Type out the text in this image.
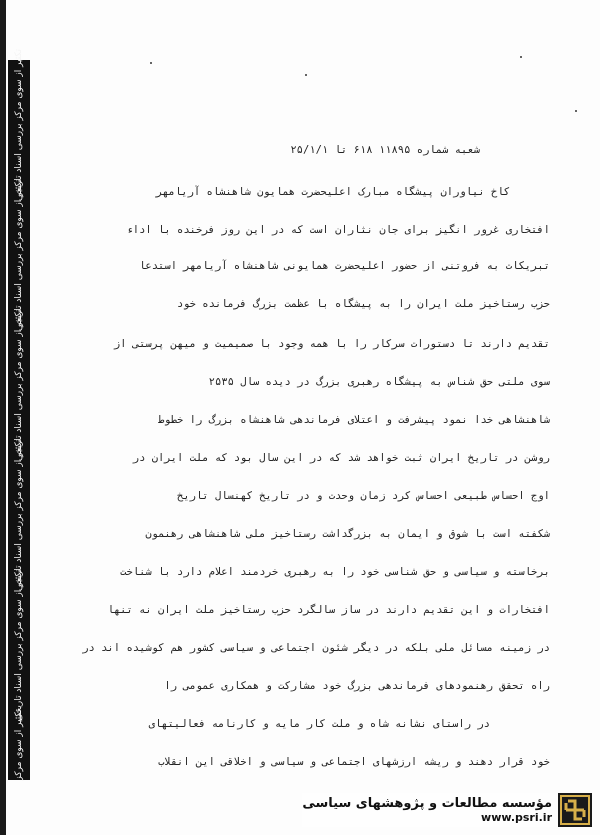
تکثیر از سوی مرکز بررسی اسناد تاریخی
تکثیر از سوی مرکز بررسی اسناد تاریخی
تکثیر از سوی مرکز بررسی اسناد تاریخی
تکثیر از سوی مرکز بررسی اسناد تاریخی
تکثیر از سوی مرکز بررسی اسناد تاریخی
تکثیر از سوی مرکز
شعبه شماره ۱۱۸۹۵ ۶۱۸ تا ۲۵/۱/۱
کاخ نیاوران پیشگاه مبارک اعلیحضرت همایون شاهنشاه آریامهر
افتخاری غرور انگیز برای جان نثاران است که در این روز فرخنده با اداء
تبریکات به فروتنی از حضور اعلیحضرت همایونی شاهنشاه آریامهر استدعا
حزب رستاخیز ملت ایران را به پیشگاه با عظمت بزرگ فرمانده خود
تقدیم دارند تا دستورات سرکار را با همه وجود با صمیمیت و میهن پرستی از
سوی ملتی حق شناس به پیشگاه رهبری بزرگ در دیده سال ۲۵۳۵
شاهنشاهی خدا نمود پیشرفت و اعتلای فرماندهی شاهنشاه بزرگ را خطوط
روشن در تاریخ ایران ثبت خواهد شد که در این سال بود که ملت ایران در
اوج احساس طبیعی احساس کرد زمان وحدت و در تاریخ کهنسال تاریخ
شکفته است با شوق و ایمان به بزرگداشت رستاخیز ملی شاهنشاهی رهنمون
برخاسته و سیاسی و حق شناسی خود را به رهبری خردمند اعلام دارد با شناخت
افتخارات و این تقدیم دارند در ساز سالگرد حزب رستاخیز ملت ایران نه تنها
در زمینه مسائل ملی بلکه در دیگر شئون اجتماعی و سیاسی کشور هم کوشیده اند در
راه تحقق رهنمودهای فرماندهی بزرگ خود مشارکت و همکاری عمومی را
در راستای نشانه شاه و ملت کار مایه و کارنامه فعالیتهای
خود قرار دهند و ریشه ارزشهای اجتماعی و سیاسی و اخلاقی این انقلاب
مؤسسه مطالعات و پژوهشهای سیاسی
www.psri.ir
